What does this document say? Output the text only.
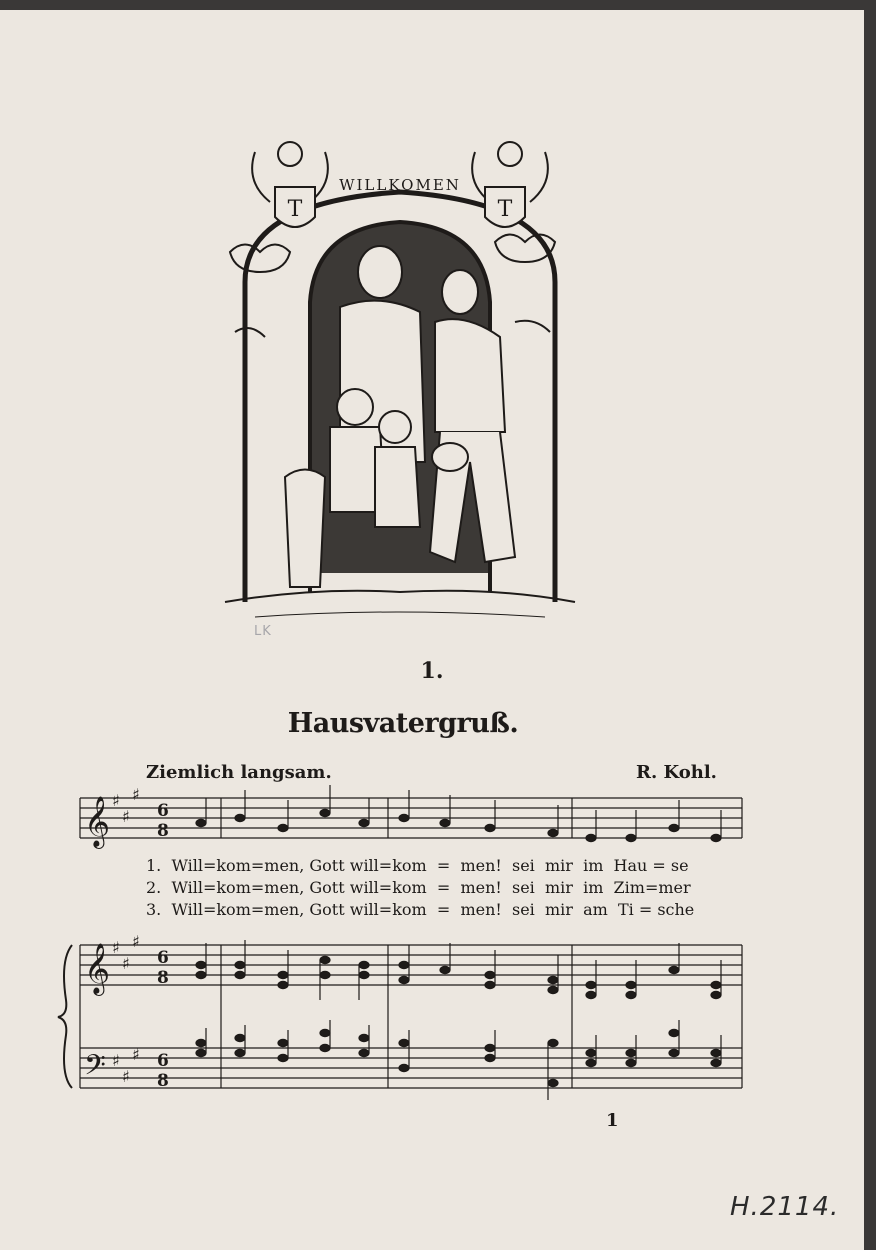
WILLKOMEN
T	T
LK
1.
Hausvatergruß.
Ziemlich langsam.	R. Kohl.
𝄞
𝄞
𝄢
♯
♯
♯
♯
♯
♯
♯
♯
♯
6
8
6
8
6
8
1.  Will=kom=men, Gott will=kom  =  men!  sei  mir  im  Hau = se
2.  Will=kom=men, Gott will=kom  =  men!  sei  mir  im  Zim=mer
3.  Will=kom=men, Gott will=kom  =  men!  sei  mir  am  Ti = sche
1
H.2114.
